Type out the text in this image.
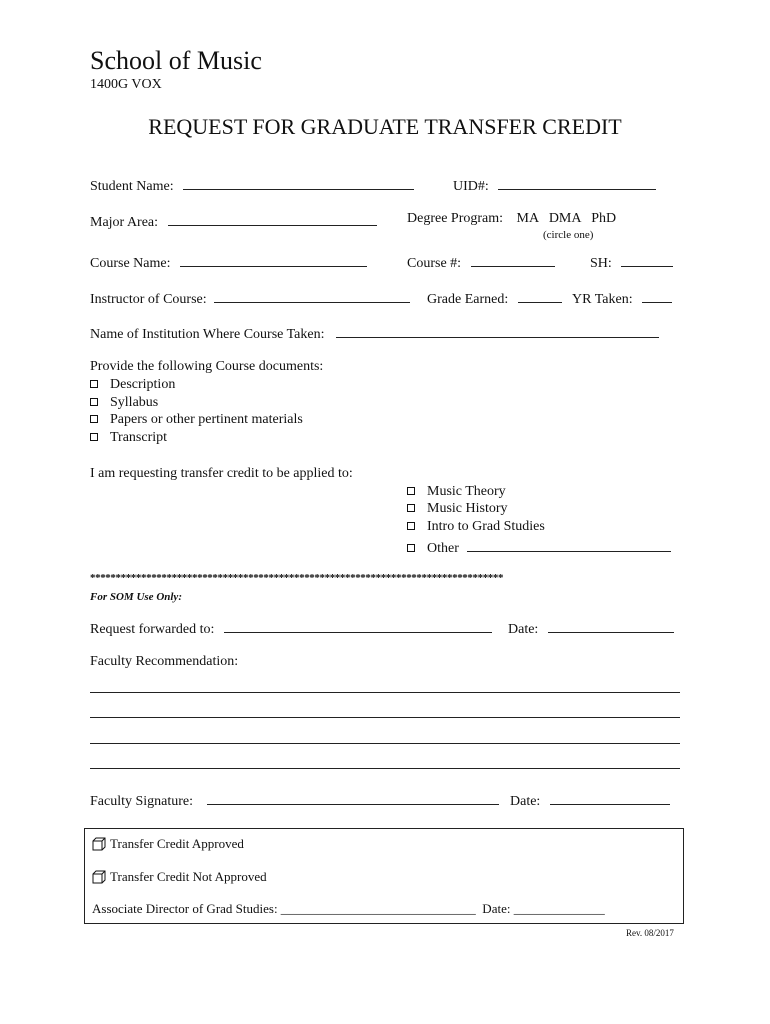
School of Music
1400G VOX
REQUEST FOR GRADUATE TRANSFER CREDIT
Student Name:	UID#:
Major Area:	Degree Program: MA   DMA   PhD
(circle one)
Course Name:	Course #:	SH:
Instructor of Course:	Grade Earned:	YR Taken:
Name of Institution Where Course Taken:
Provide the following Course documents:
Description
Syllabus
Papers or other pertinent materials
Transcript
I am requesting transfer credit to be applied to:
Music Theory
Music History
Intro to Grad Studies
Other
*********************************************************************************
For SOM Use Only:
Request forwarded to:	Date:
Faculty Recommendation:
Faculty Signature:	Date:
Transfer Credit Approved
Transfer Credit Not Approved
Associate Director of Grad Studies: ______________________________  Date: ______________
Rev. 08/2017
